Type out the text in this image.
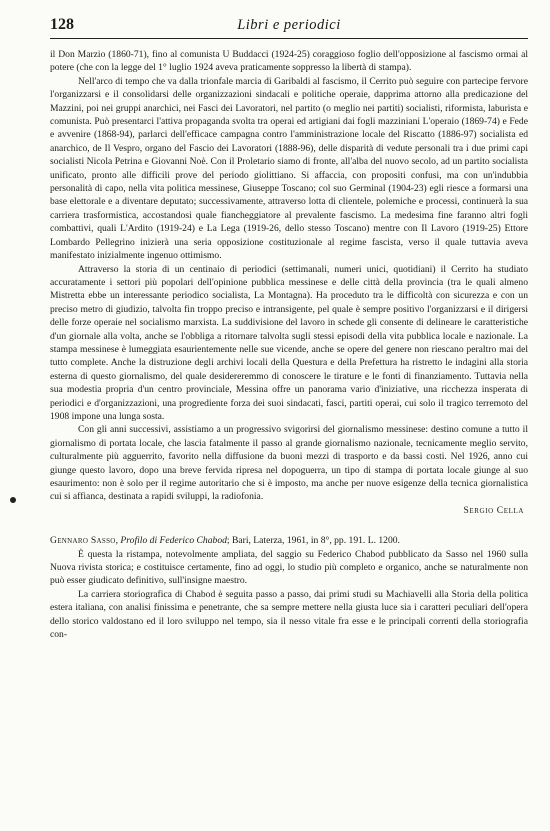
128	Libri e periodici

il Don Marzio (1860-71), fino al comunista U Buddacci (1924-25) coraggioso foglio dell'opposizione al fascismo ormai al potere (che con la legge del 1° luglio 1924 aveva praticamente soppresso la libertà di stampa).

Nell'arco di tempo che va dalla trionfale marcia di Garibaldi al fascismo, il Cerrito può seguire con partecipe fervore l'organizzarsi e il consolidarsi delle organizzazioni sindacali e politiche operaie, dapprima attorno alla predicazione del Mazzini, poi nei gruppi anarchici, nei Fasci dei Lavoratori, nel partito (o meglio nei partiti) socialisti, riformista, laburista e comunista. Può presentarci l'attiva propaganda svolta tra operai ed artigiani dai fogli mazziniani L'operaio (1869-74) e Fede e avvenire (1868-94), parlarci dell'efficace campagna contro l'amministrazione locale del Riscatto (1886-97) socialista ed anarchico, de Il Vespro, organo del Fascio dei Lavoratori (1888-96), delle disparità di vedute personali tra i due primi capi socialisti Nicola Petrina e Giovanni Noè. Con il Proletario siamo di fronte, all'alba del nuovo secolo, ad un partito socialista unificato, pronto alle difficili prove del periodo giolittiano. Si affaccia, con propositi confusi, ma con un'indubbia personalità di capo, nella vita politica messinese, Giuseppe Toscano; col suo Germinal (1904-23) egli riesce a formarsi una base elettorale e a diventare deputato; successivamente, attraverso lotta di clientele, polemiche e processi, continuerà la sua carriera trasformistica, accostandosi quale fiancheggiatore al prevalente fascismo. La medesima fine faranno altri fogli combattivi, quali L'Ardito (1919-24) e La Lega (1919-26, dello stesso Toscano) mentre con Il Lavoro (1919-25) Ettore Lombardo Pellegrino inizierà una seria opposizione costituzionale al regime fascista, verso il quale tuttavia aveva manifestato inizialmente ingenuo ottimismo.

Attraverso la storia di un centinaio di periodici (settimanali, numeri unici, quotidiani) il Cerrito ha studiato accuratamente i settori più popolari dell'opinione pubblica messinese e delle città della provincia (tra le quali almeno Mistretta ebbe un interessante periodico socialista, La Montagna). Ha proceduto tra le difficoltà con sicurezza e con un preciso metro di giudizio, talvolta fin troppo preciso e intransigente, pel quale è sempre positivo l'organizzarsi e il dirigersi delle forze operaie nel socialismo marxista. La suddivisione del lavoro in schede gli consente di delineare le caratteristiche d'un giornale alla volta, anche se l'obbliga a ritornare talvolta sugli stessi episodi della vita pubblica locale e nazionale. La stampa messinese è lumeggiata esaurientemente nelle sue vicende, anche se opere del genere non riescano peraltro mai del tutto complete. Anche la distruzione degli archivi locali della Questura e della Prefettura ha ristretto le indagini alla storia esterna di questo giornalismo, del quale desidereremmo di conoscere le tirature e le fonti di finanziamento. Tuttavia nella sua modestia propria d'un centro provinciale, Messina offre un panorama vario d'iniziative, una ricchezza insperata di periodici e d'organizzazioni, una progrediente forza dei suoi sindacati, fasci, partiti operai, cui solo il tragico terremoto del 1908 impone una lunga sosta.

Con gli anni successivi, assistiamo a un progressivo svigorirsi del giornalismo messinese: destino comune a tutto il giornalismo di portata locale, che lascia fatalmente il passo al grande giornalismo nazionale, tecnicamente meglio servito, culturalmente più agguerrito, favorito nella diffusione da buoni mezzi di trasporto e da bassi costi. Nel 1926, anno cui giunge questo lavoro, dopo una breve fervida ripresa nel dopoguerra, un tipo di stampa di portata locale giunge al suo esaurimento: non è solo per il regime autoritario che si è imposto, ma anche per nuove esigenze della tecnica giornalistica cui si affianca, destinata a rapidi sviluppi, la radiofonia.

Sergio Cella

Gennaro Sasso, Profilo di Federico Chabod; Bari, Laterza, 1961, in 8°, pp. 191. L. 1200.

È questa la ristampa, notevolmente ampliata, del saggio su Federico Chabod pubblicato da Sasso nel 1960 sulla Nuova rivista storica; e costituisce certamente, fino ad oggi, lo studio più completo e organico, anche se naturalmente non può esser giudicato definitivo, sull'insigne maestro.

La carriera storiografica di Chabod è seguita passo a passo, dai primi studi su Machiavelli alla Storia della politica estera italiana, con analisi finissima e penetrante, che sa sempre mettere nella giusta luce sia i caratteri peculiari dell'opera dello storico valdostano ed il loro sviluppo nel tempo, sia il nesso vitale fra esse e le principali correnti della storiografia con-
